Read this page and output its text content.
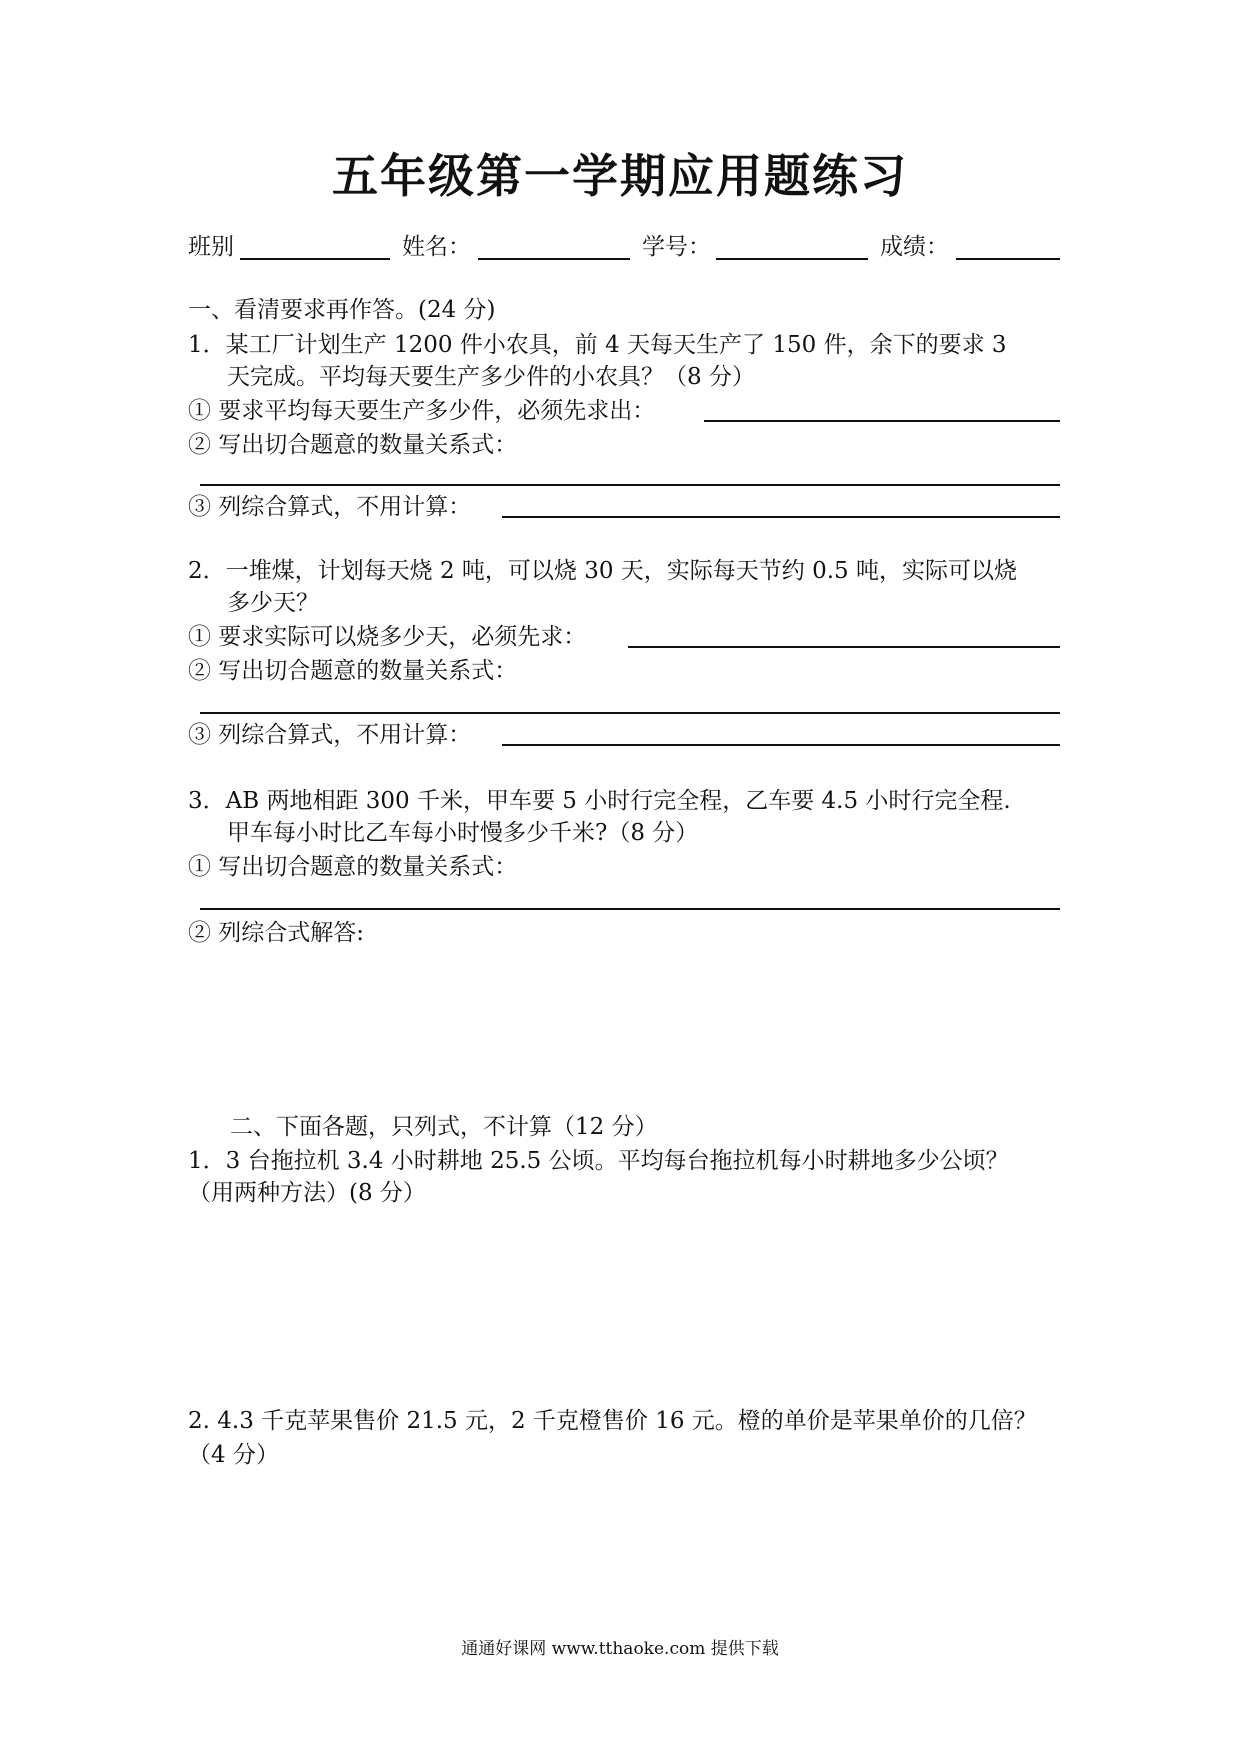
五年级第一学期应用题练习
班别	姓名：	学号：	成绩：
一、看清要求再作答。(24 分)
1．某工厂计划生产 1200 件小农具，前 4 天每天生产了 150 件，余下的要求 3
天完成。平均每天要生产多少件的小农具？（8 分）
① 要求平均每天要生产多少件，必须先求出：
② 写出切合题意的数量关系式：
③ 列综合算式，不用计算：
2．一堆煤，计划每天烧 2 吨，可以烧 30 天，实际每天节约 0.5 吨，实际可以烧
多少天？
① 要求实际可以烧多少天，必须先求：
② 写出切合题意的数量关系式：
③ 列综合算式，不用计算：
3．AB 两地相距 300 千米，甲车要 5 小时行完全程，乙车要 4.5 小时行完全程.
甲车每小时比乙车每小时慢多少千米?（8 分）
① 写出切合题意的数量关系式：
② 列综合式解答:
二、下面各题，只列式，不计算（12 分）
1．3 台拖拉机 3.4 小时耕地 25.5 公顷。平均每台拖拉机每小时耕地多少公顷？
（用两种方法）(8 分）
2. 4.3 千克苹果售价 21.5 元，2 千克橙售价 16 元。橙的单价是苹果单价的几倍？
（4 分）
通通好课网 www.tthaoke.com 提供下载
